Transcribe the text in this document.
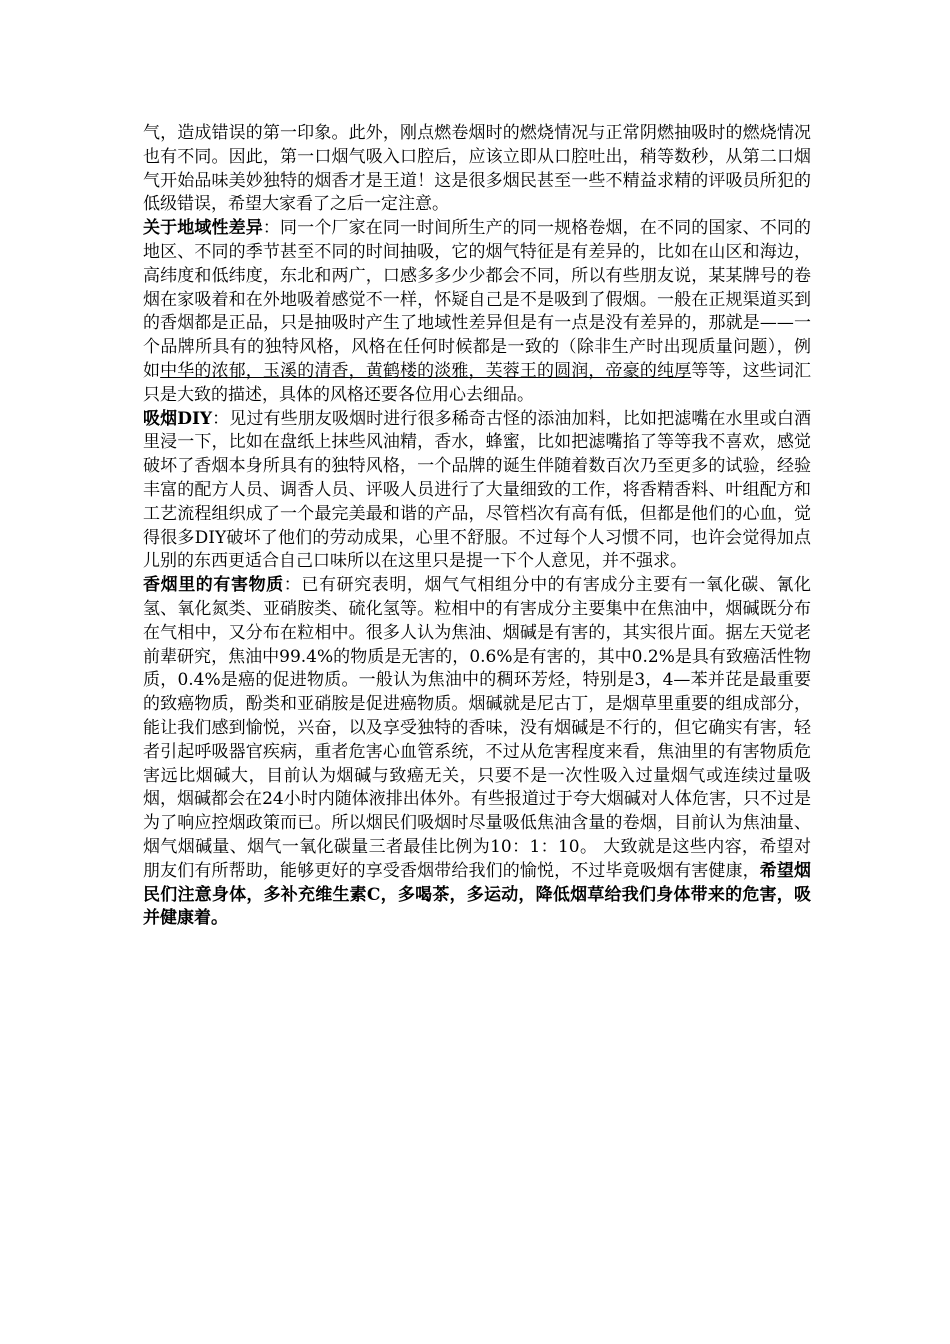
气，造成错误的第一印象。此外，刚点燃卷烟时的燃烧情况与正常阴燃抽吸时的燃烧情况也有不同。因此，第一口烟气吸入口腔后，应该立即从口腔吐出，稍等数秒，从第二口烟气开始品味美妙独特的烟香才是王道！这是很多烟民甚至一些不精益求精的评吸员所犯的低级错误，希望大家看了之后一定注意。

关于地域性差异：同一个厂家在同一时间所生产的同一规格卷烟，在不同的国家、不同的地区、不同的季节甚至不同的时间抽吸，它的烟气特征是有差异的，比如在山区和海边，高纬度和低纬度，东北和两广，口感多多少少都会不同，所以有些朋友说，某某牌号的卷烟在家吸着和在外地吸着感觉不一样，怀疑自己是不是吸到了假烟。一般在正规渠道买到的香烟都是正品，只是抽吸时产生了地域性差异但是有一点是没有差异的，那就是——一个品牌所具有的独特风格，风格在任何时候都是一致的（除非生产时出现质量问题），例如中华的浓郁，玉溪的清香，黄鹤楼的淡雅，芙蓉王的圆润，帝豪的纯厚等等，这些词汇只是大致的描述，具体的风格还要各位用心去细品。

吸烟DIY：见过有些朋友吸烟时进行很多稀奇古怪的添油加料，比如把滤嘴在水里或白酒里浸一下，比如在盘纸上抹些风油精，香水，蜂蜜，比如把滤嘴掐了等等我不喜欢，感觉破坏了香烟本身所具有的独特风格，一个品牌的诞生伴随着数百次乃至更多的试验，经验丰富的配方人员、调香人员、评吸人员进行了大量细致的工作，将香精香料、叶组配方和工艺流程组织成了一个最完美最和谐的产品，尽管档次有高有低，但都是他们的心血，觉得很多DIY破坏了他们的劳动成果，心里不舒服。不过每个人习惯不同，也许会觉得加点儿别的东西更适合自己口味所以在这里只是提一下个人意见，并不强求。

香烟里的有害物质：已有研究表明，烟气气相组分中的有害成分主要有一氧化碳、氰化氢、氧化氮类、亚硝胺类、硫化氢等。粒相中的有害成分主要集中在焦油中，烟碱既分布在气相中，又分布在粒相中。很多人认为焦油、烟碱是有害的，其实很片面。据左天觉老前辈研究，焦油中99.4%的物质是无害的，0.6%是有害的，其中0.2%是具有致癌活性物质，0.4%是癌的促进物质。一般认为焦油中的稠环芳烃，特别是3，4—苯并芘是最重要的致癌物质，酚类和亚硝胺是促进癌物质。烟碱就是尼古丁，是烟草里重要的组成部分，能让我们感到愉悦，兴奋，以及享受独特的香味，没有烟碱是不行的，但它确实有害，轻者引起呼吸器官疾病，重者危害心血管系统，不过从危害程度来看，焦油里的有害物质危害远比烟碱大，目前认为烟碱与致癌无关，只要不是一次性吸入过量烟气或连续过量吸烟，烟碱都会在24小时内随体液排出体外。有些报道过于夸大烟碱对人体危害，只不过是为了响应控烟政策而已。所以烟民们吸烟时尽量吸低焦油含量的卷烟，目前认为焦油量、烟气烟碱量、烟气一氧化碳量三者最佳比例为10：1：10。 大致就是这些内容，希望对朋友们有所帮助，能够更好的享受香烟带给我们的愉悦，不过毕竟吸烟有害健康，希望烟民们注意身体，多补充维生素C，多喝茶，多运动，降低烟草给我们身体带来的危害，吸并健康着。
